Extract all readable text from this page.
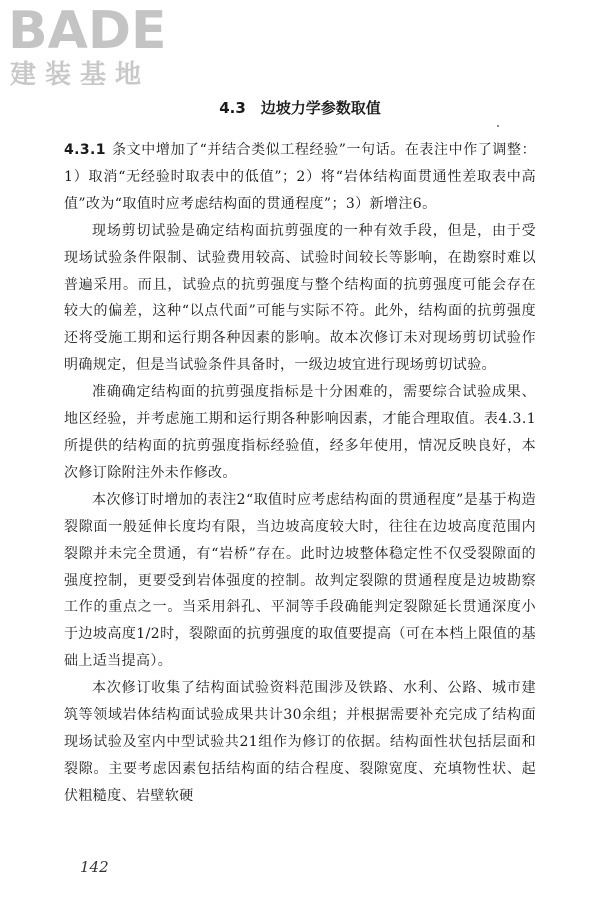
BADE
建装基地
4.3　边坡力学参数取值

4.3.1 条文中增加了“并结合类似工程经验”一句话。在表注中作了调整：1）取消“无经验时取表中的低值”；2）将“岩体结构面贯通性差取表中高值”改为“取值时应考虑结构面的贯通程度”；3）新增注6。

现场剪切试验是确定结构面抗剪强度的一种有效手段，但是，由于受现场试验条件限制、试验费用较高、试验时间较长等影响，在勘察时难以普遍采用。而且，试验点的抗剪强度与整个结构面的抗剪强度可能会存在较大的偏差，这种“以点代面”可能与实际不符。此外，结构面的抗剪强度还将受施工期和运行期各种因素的影响。故本次修订未对现场剪切试验作明确规定，但是当试验条件具备时，一级边坡宜进行现场剪切试验。

准确确定结构面的抗剪强度指标是十分困难的，需要综合试验成果、地区经验，并考虑施工期和运行期各种影响因素，才能合理取值。表4.3.1所提供的结构面的抗剪强度指标经验值，经多年使用，情况反映良好，本次修订除附注外未作修改。

本次修订时增加的表注2“取值时应考虑结构面的贯通程度”是基于构造裂隙面一般延伸长度均有限，当边坡高度较大时，往往在边坡高度范围内裂隙并未完全贯通，有“岩桥”存在。此时边坡整体稳定性不仅受裂隙面的强度控制，更要受到岩体强度的控制。故判定裂隙的贯通程度是边坡勘察工作的重点之一。当采用斜孔、平洞等手段确能判定裂隙延长贯通深度小于边坡高度1/2时，裂隙面的抗剪强度的取值要提高（可在本档上限值的基础上适当提高）。

本次修订收集了结构面试验资料范围涉及铁路、水利、公路、城市建筑等领域岩体结构面试验成果共计30余组；并根据需要补充完成了结构面现场试验及室内中型试验共21组作为修订的依据。结构面性状包括层面和裂隙。主要考虑因素包括结构面的结合程度、裂隙宽度、充填物性状、起伏粗糙度、岩壁软硬

142
